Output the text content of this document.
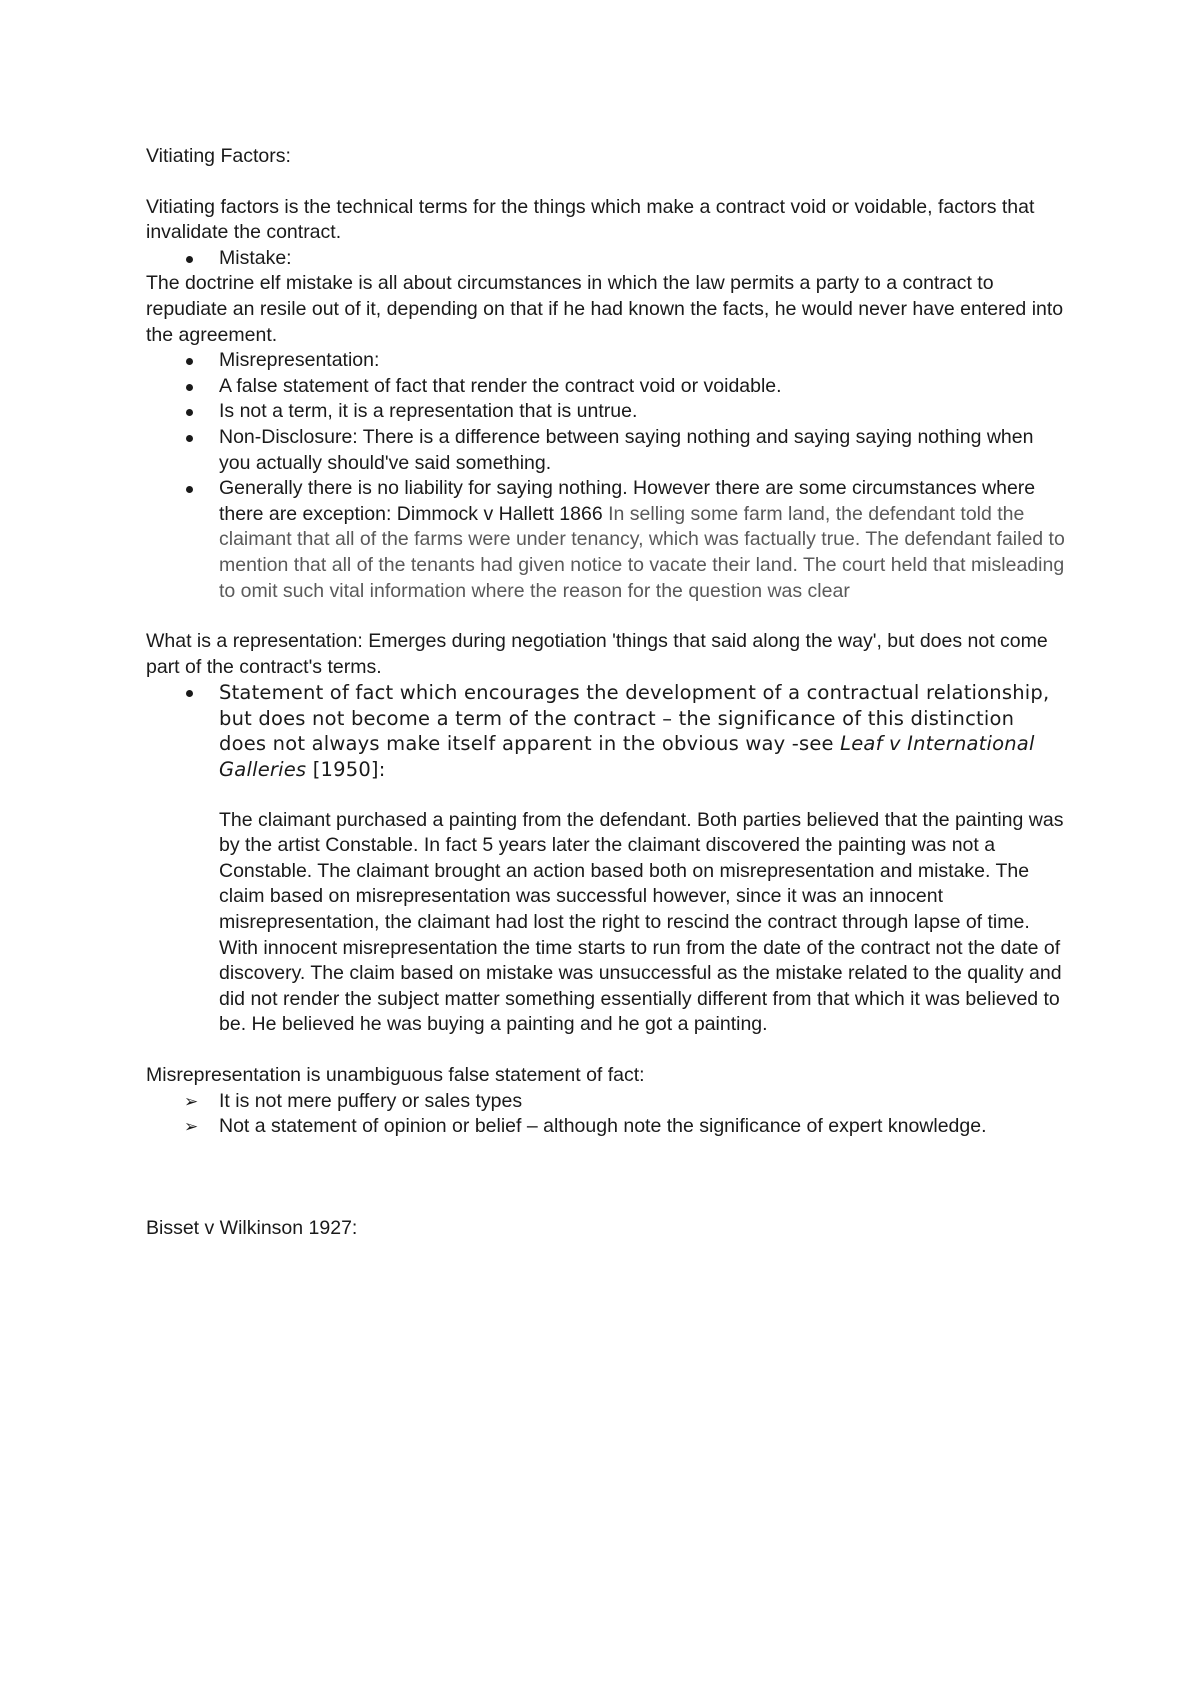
Vitiating Factors:

Vitiating factors is the technical terms for the things which make a contract void or voidable, factors that invalidate the contract.

Mistake:

The doctrine elf mistake is all about circumstances in which the law permits a party to a contract to repudiate an resile out of it, depending on that if he had known the facts, he would never have entered into the agreement.

Misrepresentation:
A false statement of fact that render the contract void or voidable.
Is not a term, it is a representation that is untrue.
Non-Disclosure: There is a difference between saying nothing and saying saying nothing when you actually should've said something.
Generally there is no liability for saying nothing. However there are some circumstances where there are exception: Dimmock v Hallett 1866 In selling some farm land, the defendant told the claimant that all of the farms were under tenancy, which was factually true. The defendant failed to mention that all of the tenants had given notice to vacate their land. The court held that misleading to omit such vital information where the reason for the question was clear

What is a representation: Emerges during negotiation 'things that said along the way', but does not come part of the contract's terms.

Statement of fact which encourages the development of a contractual relationship, but does not become a term of the contract – the significance of this distinction does not always make itself apparent in the obvious way -see Leaf v International Galleries [1950]:

The claimant purchased a painting from the defendant. Both parties believed that the painting was by the artist Constable. In fact 5 years later the claimant discovered the painting was not a Constable. The claimant brought an action based both on misrepresentation and mistake. The claim based on misrepresentation was successful however, since it was an innocent misrepresentation, the claimant had lost the right to rescind the contract through lapse of time. With innocent misrepresentation the time starts to run from the date of the contract not the date of discovery. The claim based on mistake was unsuccessful as the mistake related to the quality and did not render the subject matter something essentially different from that which it was believed to be. He believed he was buying a painting and he got a painting.

Misrepresentation is unambiguous false statement of fact:

➢ It is not mere puffery or sales types
➢ Not a statement of opinion or belief – although note the significance of expert knowledge.

Bisset v Wilkinson 1927:
